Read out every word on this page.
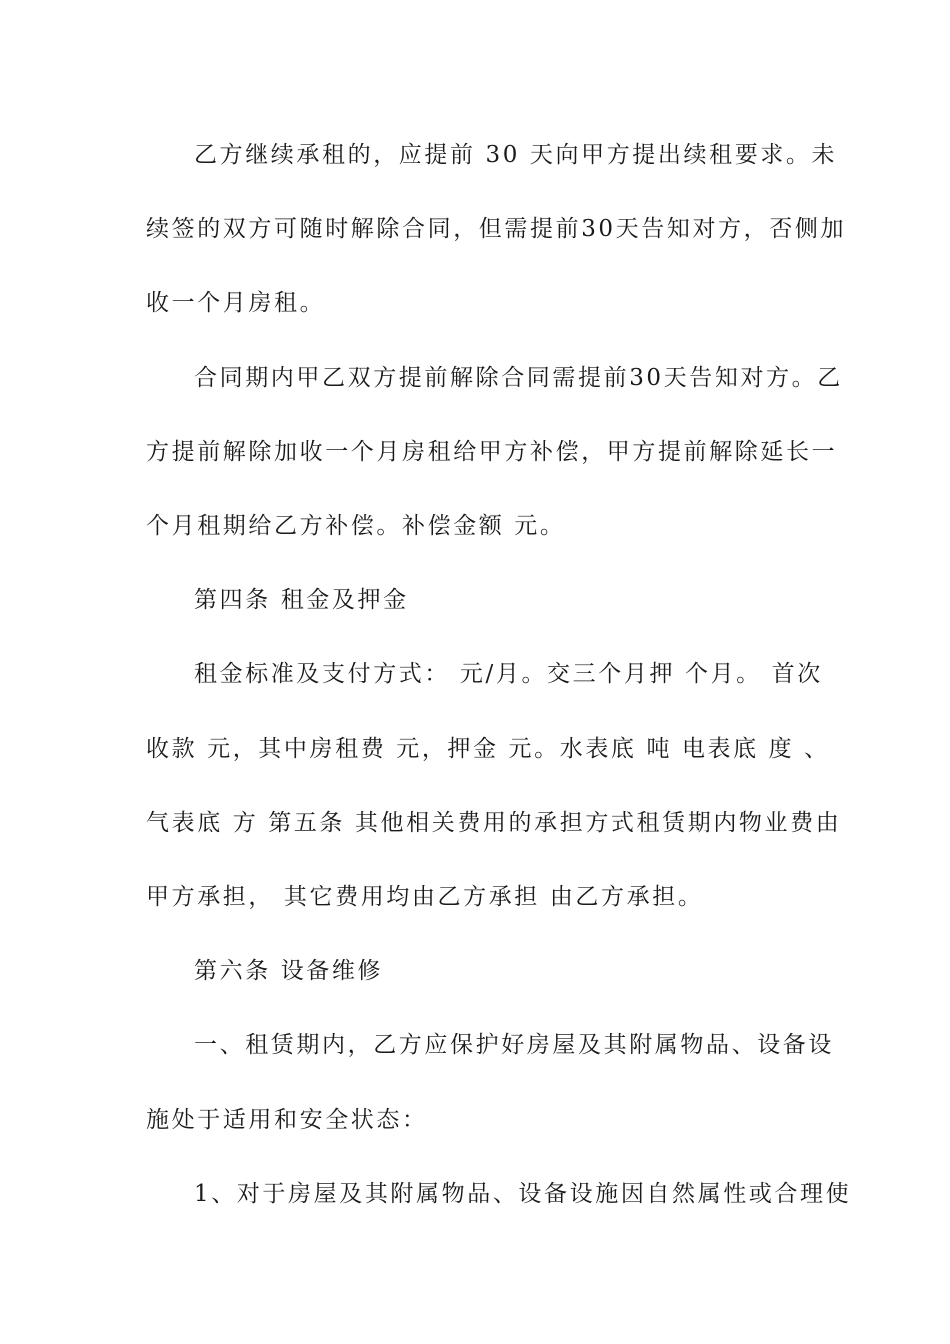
乙方继续承租的，应提前 30 天向甲方提出续租要求。未
续签的双方可随时解除合同，但需提前30天告知对方，否侧加
收一个月房租。
合同期内甲乙双方提前解除合同需提前30天告知对方。乙
方提前解除加收一个月房租给甲方补偿，甲方提前解除延长一
个月租期给乙方补偿。补偿金额 元。
第四条 租金及押金
租金标准及支付方式： 元/月。交三个月押 个月。 首次
收款 元，其中房租费 元，押金 元。水表底 吨 电表底 度 、
气表底 方 第五条 其他相关费用的承担方式租赁期内物业费由
甲方承担， 其它费用均由乙方承担 由乙方承担。
第六条 设备维修
一、租赁期内，乙方应保护好房屋及其附属物品、设备设
施处于适用和安全状态：
1、对于房屋及其附属物品、设备设施因自然属性或合理使
